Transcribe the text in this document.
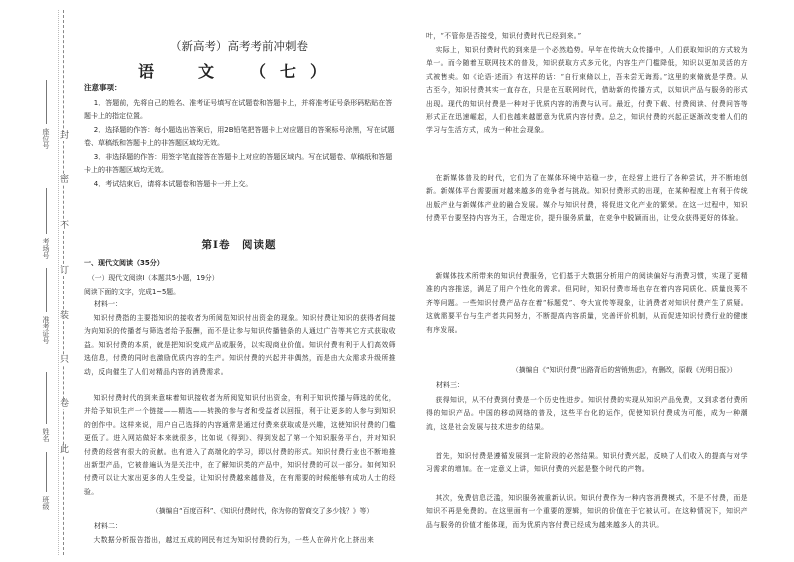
封
密
不
订
装
只
卷
此
座位号
考场号
准考证号
姓名
班级
（新高考）高考考前冲刺卷
语　文　（七）
注意事项：
1．答题前，先将自己的姓名、准考证号填写在试题卷和答题卡上，并将准考证号条形码粘贴在答题卡上的指定位置。
2．选择题的作答：每小题选出答案后，用2B铅笔把答题卡上对应题目的答案标号涂黑，写在试题卷、草稿纸和答题卡上的非答题区域均无效。
3．非选择题的作答：用签字笔直接答在答题卡上对应的答题区域内。写在试题卷、草稿纸和答题卡上的非答题区域均无效。
4．考试结束后，请将本试题卷和答题卡一并上交。
第Ⅰ卷　阅读题
一、现代文阅读（35分）
（一）现代文阅读Ⅰ（本题共5小题，19分）
阅读下面的文字，完成1~5题。
材料一：
知识付费指的主要指知识的接收者为所阅览知识付出资金的现象。知识付费让知识的获得者间接为向知识的传播者与筛选者给予报酬，而不是让参与知识传播链条的人通过广告等其它方式获取收益。知识付费的本质，就是把知识变成产品或服务，以实现商业价值。知识付费有利于人们高效筛选信息，付费的同时也激励优质内容的生产。知识付费的兴起并非偶然，而是由大众需求升级所推动，反向催生了人们对精品内容的消费需求。
知识付费时代的到来意味着知识接收者为所阅览知识付出资金，有利于知识传播与筛选的优化，并给予知识生产一个链接——精选——转换的参与者和受益者以回报，利于让更多的人参与到知识的创作中。这样来说，用户自己选择的内容通常是通过付费来获取或是兴趣，这使知识付费的门槛更低了。进入网站做好本来就很多，比如说《得到》、得到发起了第一个知识服务平台，并对知识付费的经营有很大的贡献。也有进入了高端化的学习，即以付费的形式。知识付费行业也不断地推出新型产品，它被普遍认为是关注中，在了解知识类的产品中，知识付费的可以一部分。如何知识付费可以让大家出更多的人生受益，让知识付费越来越普及，在有需要的时候能够有成功人士的经验。
（摘编自“百度百科”、《知识付费时代，你为你的智商交了多少钱？》等）
材料二：
大数据分析报告指出，越过五成的网民有过为知识付费的行为，一些人在碎片化上挤出来
叶，“不管你是否接受，知识付费时代已经到来。”
实际上，知识付费时代的到来是一个必然趋势。早年在传统大众传播中，人们获取知识的方式较为单一。而今随着互联网技术的普及，知识获取方式多元化，内容生产门槛降低，知识以更加灵活的方式被售卖。如《论语·述而》有这样的话：“自行束脩以上，吾未尝无诲焉。”这里的束脩就是学费。从古至今，知识付费其实一直存在，只是在互联网时代，借助新的传播方式，以知识产品与服务的形式出现。现代的知识付费是一种对于优质内容的消费与认可。最近，付费下载、付费阅读、付费问答等形式正在迅速崛起，人们也越来越愿意为优质内容付费。总之，知识付费的兴起正逐渐改变着人们的学习与生活方式，成为一种社会现象。
在新媒体普及的时代，它们为了在媒体环境中站稳一步，在经营上进行了各种尝试，并不断地创新。新媒体平台需要面对越来越多的竞争者与挑战。知识付费形式的出现，在某种程度上有利于传统出版产业与新媒体产业的融合发展。媒介与知识付费，将促进文化产业的繁荣。在这一过程中，知识付费平台要坚持内容为王，合理定价，提升服务质量，在竞争中脱颖而出，让受众获得更好的体验。
新媒体技术所带来的知识付费服务，它们基于大数据分析用户的阅读偏好与消费习惯，实现了更精准的内容推送，满足了用户个性化的需求。但同时，知识付费市场也存在着内容同质化、质量良莠不齐等问题。一些知识付费产品存在着“标题党”、夸大宣传等现象，让消费者对知识付费产生了质疑。这就需要平台与生产者共同努力，不断提高内容质量，完善评价机制，从而促进知识付费行业的健康有序发展。
（摘编自《“知识付费”出路背后的营销焦虑》，有删改，原载《光明日报》）
材料三：
获得知识，从不付费到付费是一个历史性进步。知识付费的实现从知识产品免费，又到求者付费所得的知识产品。中国的移动网络的普及，这些平台化的运作，促使知识付费成为可能，成为一种潮流，这是社会发展与技术进步的结果。
首先，知识付费是遵循发展到一定阶段的必然结果。知识付费兴起，反映了人们收入的提高与对学习需求的增加。在一定意义上讲，知识付费的兴起是整个时代的产物。
其次，免费信息泛滥，知识服务被重新认识。知识付费作为一种内容消费模式，不是不付费，而是知识不再是免费的。在这里面有一个重要的逻辑，知识的价值在于它被认可。在这种情况下，知识产品与服务的价值才能体现，而为优质内容付费已经成为越来越多人的共识。
